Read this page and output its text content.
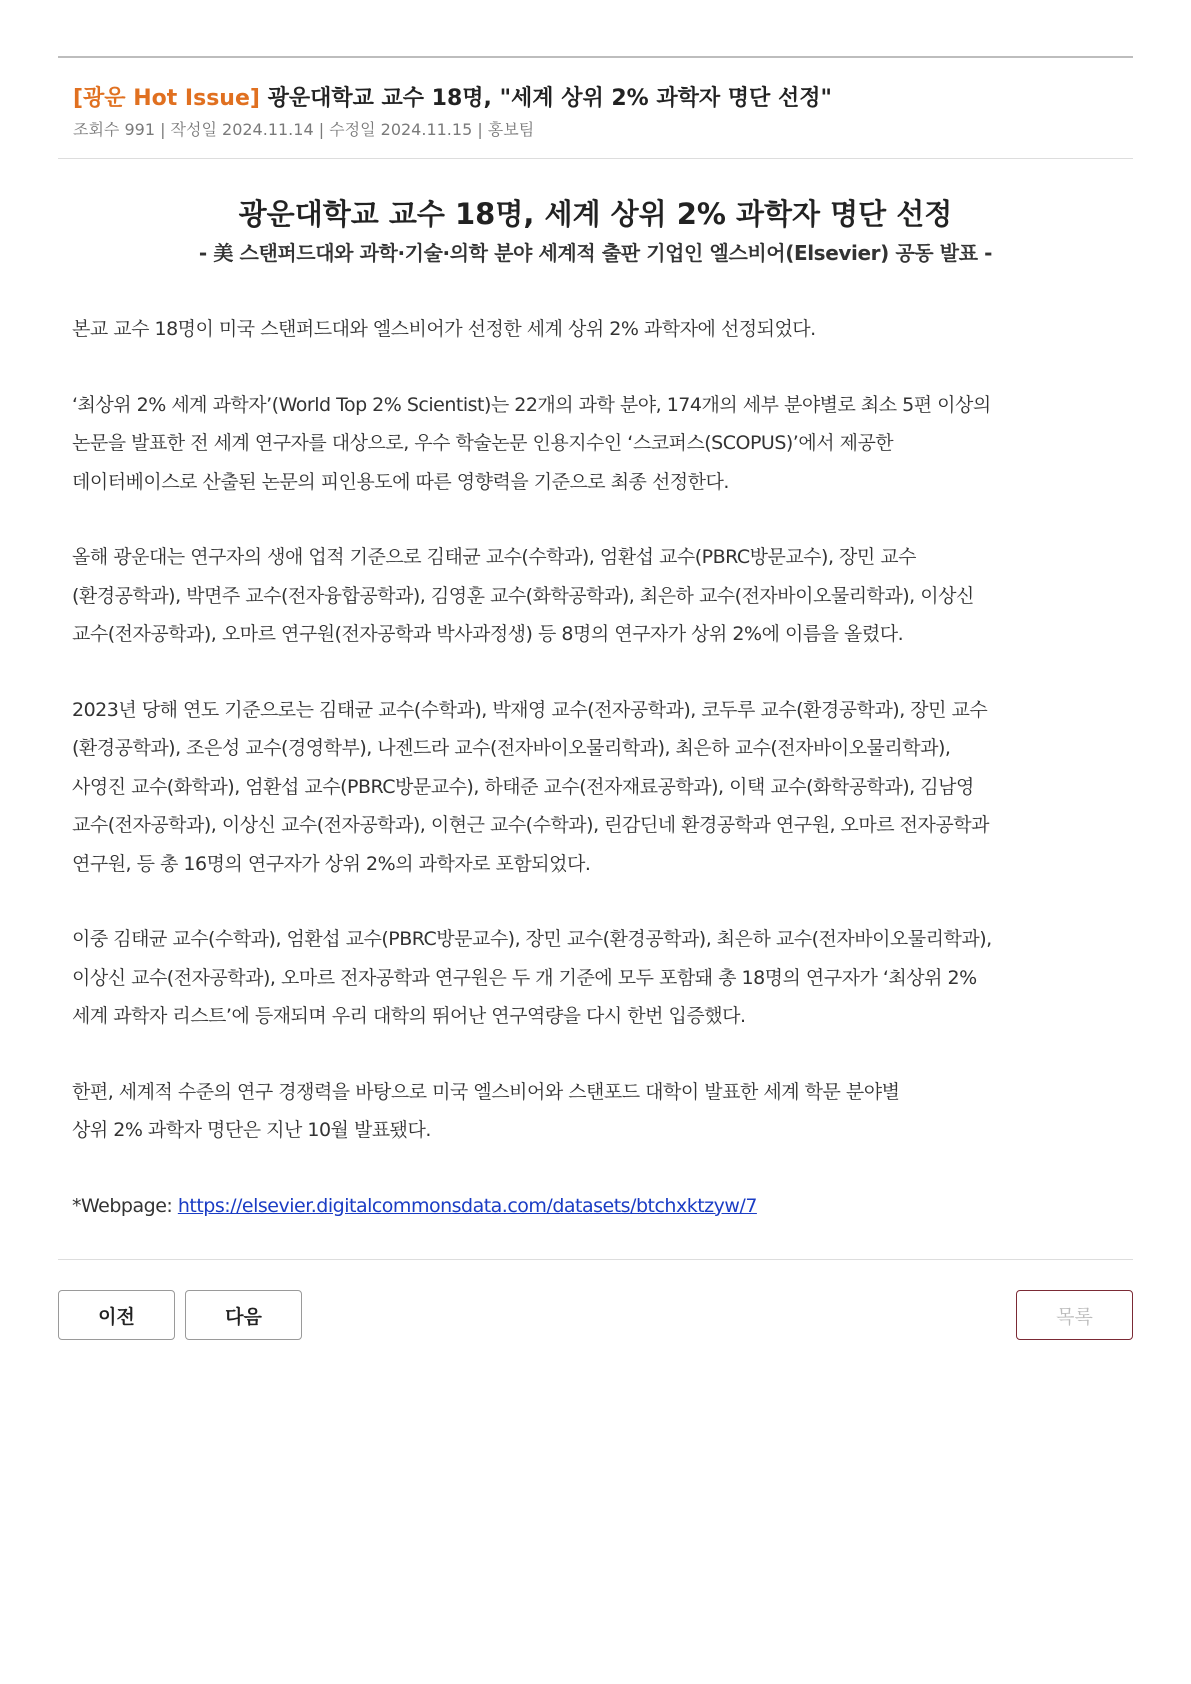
[광운 Hot Issue] 광운대학교 교수 18명, "세계 상위 2% 과학자 명단 선정"
조회수 991 | 작성일 2024.11.14 | 수정일 2024.11.15 | 홍보팀
광운대학교 교수 18명, 세계 상위 2% 과학자 명단 선정
- 美 스탠퍼드대와 과학·기술·의학 분야 세계적 출판 기업인 엘스비어(Elsevier) 공동 발표 -

본교 교수 18명이 미국 스탠퍼드대와 엘스비어가 선정한 세계 상위 2% 과학자에 선정되었다.

‘최상위 2% 세계 과학자’(World Top 2% Scientist)는 22개의 과학 분야, 174개의 세부 분야별로 최소 5편 이상의
논문을 발표한 전 세계 연구자를 대상으로, 우수 학술논문 인용지수인 ‘스코퍼스(SCOPUS)’에서 제공한
데이터베이스로 산출된 논문의 피인용도에 따른 영향력을 기준으로 최종 선정한다.

올해 광운대는 연구자의 생애 업적 기준으로 김태균 교수(수학과), 엄환섭 교수(PBRC방문교수), 장민 교수
(환경공학과), 박면주 교수(전자융합공학과), 김영훈 교수(화학공학과), 최은하 교수(전자바이오물리학과), 이상신
교수(전자공학과), 오마르 연구원(전자공학과 박사과정생) 등 8명의 연구자가 상위 2%에 이름을 올렸다.

2023년 당해 연도 기준으로는 김태균 교수(수학과), 박재영 교수(전자공학과), 코두루 교수(환경공학과), 장민 교수
(환경공학과), 조은성 교수(경영학부), 나젠드라 교수(전자바이오물리학과), 최은하 교수(전자바이오물리학과),
사영진 교수(화학과), 엄환섭 교수(PBRC방문교수), 하태준 교수(전자재료공학과), 이택 교수(화학공학과), 김남영
교수(전자공학과), 이상신 교수(전자공학과), 이현근 교수(수학과), 린감딘네 환경공학과 연구원, 오마르 전자공학과
연구원, 등 총 16명의 연구자가 상위 2%의 과학자로 포함되었다.

이중 김태균 교수(수학과), 엄환섭 교수(PBRC방문교수), 장민 교수(환경공학과), 최은하 교수(전자바이오물리학과),
이상신 교수(전자공학과), 오마르 전자공학과 연구원은 두 개 기준에 모두 포함돼 총 18명의 연구자가 ‘최상위 2%
세계 과학자 리스트’에 등재되며 우리 대학의 뛰어난 연구역량을 다시 한번 입증했다.

한편, 세계적 수준의 연구 경쟁력을 바탕으로 미국 엘스비어와 스탠포드 대학이 발표한 세계 학문 분야별
상위 2% 과학자 명단은 지난 10월 발표됐다.

*Webpage: https://elsevier.digitalcommonsdata.com/datasets/btchxktzyw/7

이전	다음	목록
